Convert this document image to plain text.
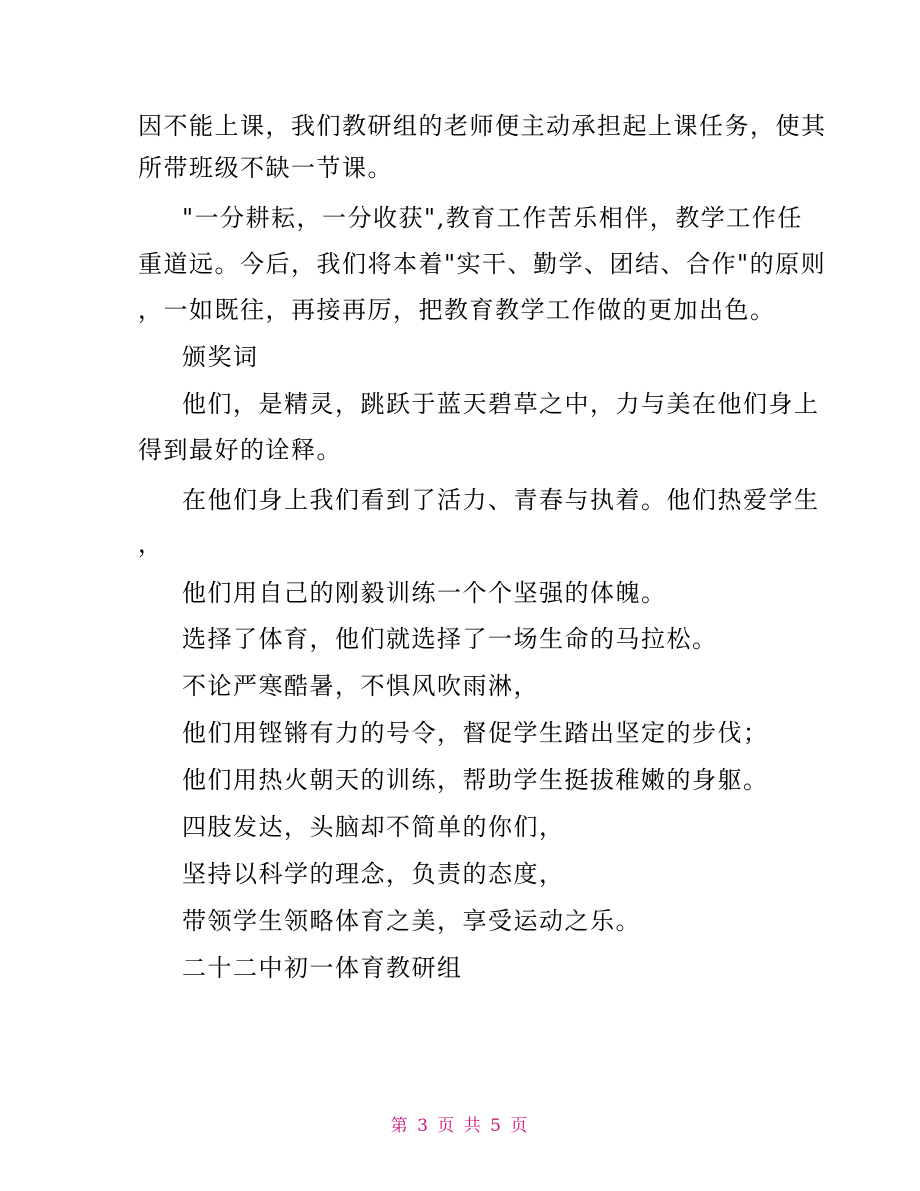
因不能上课，我们教研组的老师便主动承担起上课任务，使其
所带班级不缺一节课。
"一分耕耘，一分收获",教育工作苦乐相伴，教学工作任
重道远。今后，我们将本着"实干、勤学、团结、合作"的原则
，一如既往，再接再厉，把教育教学工作做的更加出色。
颁奖词
他们，是精灵，跳跃于蓝天碧草之中，力与美在他们身上
得到最好的诠释。
在他们身上我们看到了活力、青春与执着。他们热爱学生
，
他们用自己的刚毅训练一个个坚强的体魄。
选择了体育，他们就选择了一场生命的马拉松。
不论严寒酷暑，不惧风吹雨淋，
他们用铿锵有力的号令，督促学生踏出坚定的步伐；
他们用热火朝天的训练，帮助学生挺拔稚嫩的身躯。
四肢发达，头脑却不简单的你们，
坚持以科学的理念，负责的态度，
带领学生领略体育之美，享受运动之乐。
二十二中初一体育教研组
第 3 页 共 5 页
